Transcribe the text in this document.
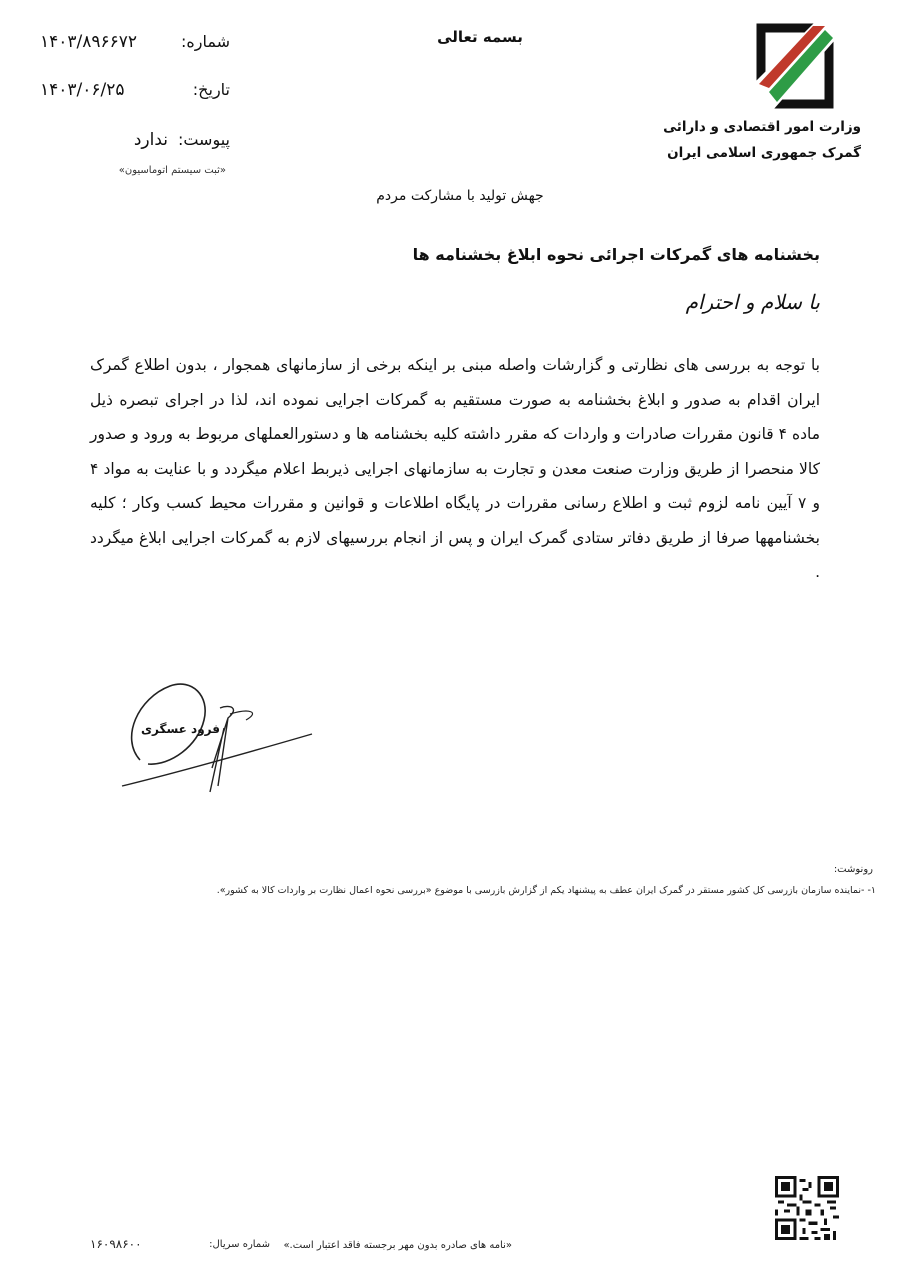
بسمه تعالی
وزارت امور اقتصادی و دارائی
گمرک جمهوری اسلامی ایران
شماره:
۱۴۰۳/۸۹۶۶۷۲
تاریخ:
۱۴۰۳/۰۶/۲۵
پیوست:
ندارد
«ثبت سیستم اتوماسیون»
جهش تولید با مشارکت مردم
بخشنامه های گمرکات اجرائی نحوه ابلاغ بخشنامه ها
با سلام و احترام
با توجه به بررسی های نظارتی و گزارشات واصله مبنی بر اینکه برخی از سازمانهای همجوار ، بدون اطلاع گمرک ایران اقدام به صدور و ابلاغ بخشنامه به صورت مستقیم به گمرکات اجرایی نموده اند، لذا در اجرای تبصره ذیل ماده ۴ قانون مقررات صادرات و واردات که مقرر داشته کلیه بخشنامه ها و دستورالعملهای مربوط به ورود و صدور کالا منحصرا از طریق وزارت صنعت معدن و تجارت به سازمانهای اجرایی ذیربط اعلام میگردد و با عنایت به مواد ۴ و ۷ آیین نامه لزوم ثبت و اطلاع رسانی مقررات در پایگاه اطلاعات و قوانین و مقررات محیط کسب وکار ؛ کلیه بخشنامهها صرفا از طریق دفاتر ستادی گمرک ایران و پس از انجام بررسیهای لازم به گمرکات اجرایی ابلاغ میگردد .
فرود عسگری
رونوشت:
۱- -نماینده سازمان بازرسی کل کشور مستقر در گمرک ایران عطف به پیشنهاد یکم از گزارش بازرسی با موضوع «بررسی نحوه اعمال نظارت بر واردات کالا به کشور».
«نامه های صادره بدون مهر برجسته فاقد اعتبار است.»
شماره سریال:
۱۶۰۹۸۶۰۰
